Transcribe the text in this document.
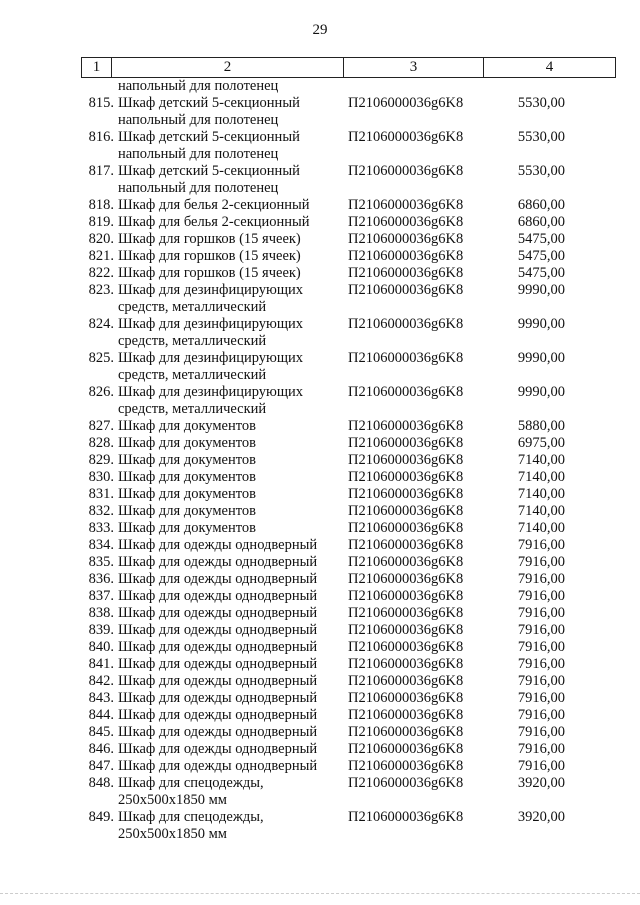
29
1	2	3	4
напольный для полотенец
815. Шкаф детский 5-секционный
напольный для полотенец
П2106000036g6K8	5530,00
816. Шкаф детский 5-секционный
напольный для полотенец
П2106000036g6K8	5530,00
817. Шкаф детский 5-секционный
напольный для полотенец
П2106000036g6K8	5530,00
818. Шкаф для белья 2-секционный	П2106000036g6K8	6860,00
819. Шкаф для белья 2-секционный	П2106000036g6K8	6860,00
820. Шкаф для горшков (15 ячеек)	П2106000036g6K8	5475,00
821. Шкаф для горшков (15 ячеек)	П2106000036g6K8	5475,00
822. Шкаф для горшков (15 ячеек)	П2106000036g6K8	5475,00
823. Шкаф для дезинфицирующих
средств, металлический
П2106000036g6K8	9990,00
824. Шкаф для дезинфицирующих
средств, металлический
П2106000036g6K8	9990,00
825. Шкаф для дезинфицирующих
средств, металлический
П2106000036g6K8	9990,00
826. Шкаф для дезинфицирующих
средств, металлический
П2106000036g6K8	9990,00
827. Шкаф для документов	П2106000036g6K8	5880,00
828. Шкаф для документов	П2106000036g6K8	6975,00
829. Шкаф для документов	П2106000036g6K8	7140,00
830. Шкаф для документов	П2106000036g6K8	7140,00
831. Шкаф для документов	П2106000036g6K8	7140,00
832. Шкаф для документов	П2106000036g6K8	7140,00
833. Шкаф для документов	П2106000036g6K8	7140,00
834. Шкаф для одежды однодверный	П2106000036g6K8	7916,00
835. Шкаф для одежды однодверный	П2106000036g6K8	7916,00
836. Шкаф для одежды однодверный	П2106000036g6K8	7916,00
837. Шкаф для одежды однодверный	П2106000036g6K8	7916,00
838. Шкаф для одежды однодверный	П2106000036g6K8	7916,00
839. Шкаф для одежды однодверный	П2106000036g6K8	7916,00
840. Шкаф для одежды однодверный	П2106000036g6K8	7916,00
841. Шкаф для одежды однодверный	П2106000036g6K8	7916,00
842. Шкаф для одежды однодверный	П2106000036g6K8	7916,00
843. Шкаф для одежды однодверный	П2106000036g6K8	7916,00
844. Шкаф для одежды однодверный	П2106000036g6K8	7916,00
845. Шкаф для одежды однодверный	П2106000036g6K8	7916,00
846. Шкаф для одежды однодверный	П2106000036g6K8	7916,00
847. Шкаф для одежды однодверный	П2106000036g6K8	7916,00
848. Шкаф для спецодежды,
250x500x1850 мм
П2106000036g6K8	3920,00
849. Шкаф для спецодежды,
250x500x1850 мм
П2106000036g6K8	3920,00
